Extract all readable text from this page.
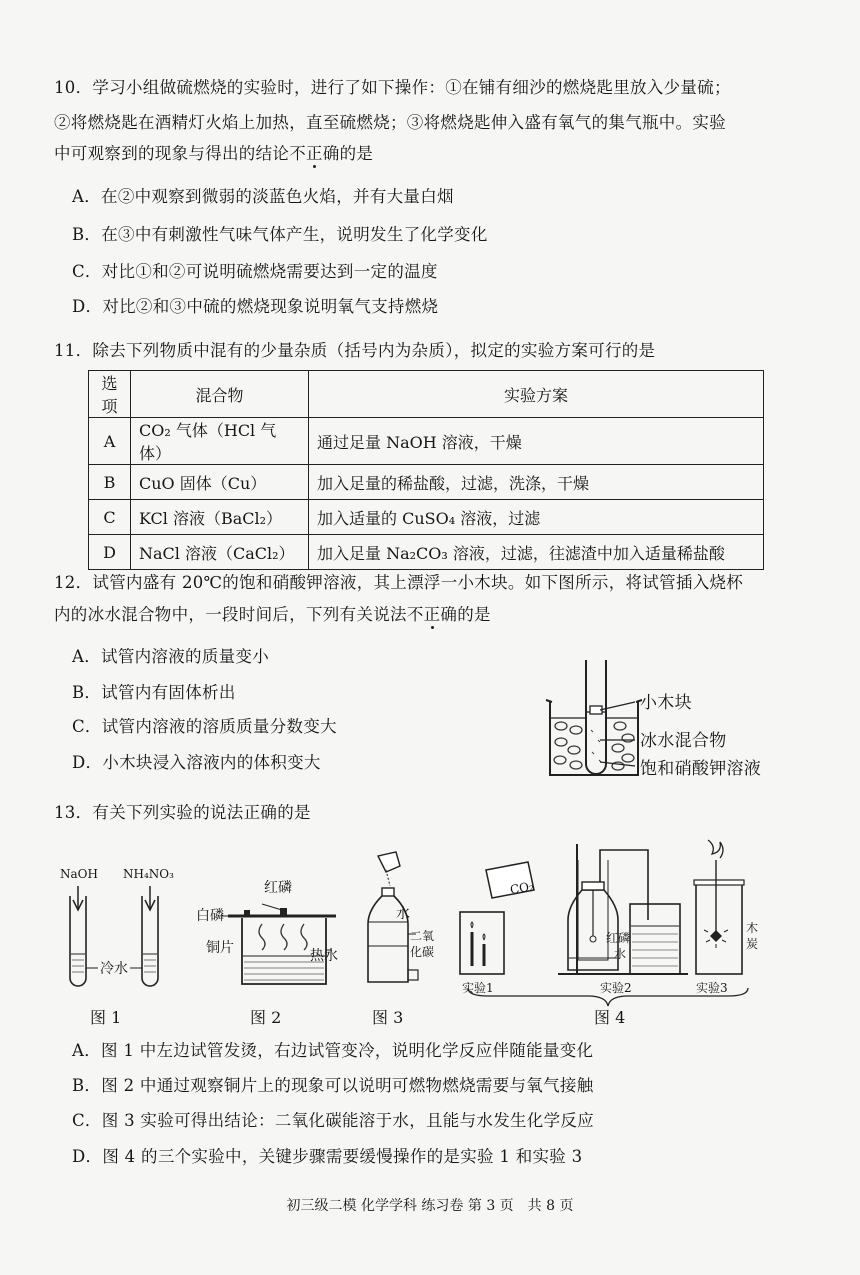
10．学习小组做硫燃烧的实验时，进行了如下操作：①在铺有细沙的燃烧匙里放入少量硫；
②将燃烧匙在酒精灯火焰上加热，直至硫燃烧；③将燃烧匙伸入盛有氧气的集气瓶中。实验
中可观察到的现象与得出的结论不正确的是
A．在②中观察到微弱的淡蓝色火焰，并有大量白烟
B．在③中有刺激性气味气体产生，说明发生了化学变化
C．对比①和②可说明硫燃烧需要达到一定的温度
D．对比②和③中硫的燃烧现象说明氧气支持燃烧
11．除去下列物质中混有的少量杂质（括号内为杂质），拟定的实验方案可行的是
选项	混合物	实验方案
A	CO₂ 气体（HCl 气体）	通过足量 NaOH 溶液，干燥
B	CuO 固体（Cu）	加入足量的稀盐酸，过滤，洗涤，干燥
C	KCl 溶液（BaCl₂）	加入适量的 CuSO₄ 溶液，过滤
D	NaCl 溶液（CaCl₂）	加入足量 Na₂CO₃ 溶液，过滤，往滤渣中加入适量稀盐酸
12．试管内盛有 20℃的饱和硝酸钾溶液，其上漂浮一小木块。如下图所示，将试管插入烧杯
内的冰水混合物中，一段时间后，下列有关说法不正确的是
A．试管内溶液的质量变小
B．试管内有固体析出
C．试管内溶液的溶质质量分数变大
D．小木块浸入溶液内的体积变大
小木块
冰水混合物
饱和硝酸钾溶液
13．有关下列实验的说法正确的是
NaOH NH₄NO₃
冷水
图 1
红磷
白磷
铜片	热水
图 2
水
二氧
化碳
图 3
CO₂
红磷
水
木
炭
实验1	实验2	实验3
图 4
A．图 1 中左边试管发烫，右边试管变冷，说明化学反应伴随能量变化
B．图 2 中通过观察铜片上的现象可以说明可燃物燃烧需要与氧气接触
C．图 3 实验可得出结论：二氧化碳能溶于水，且能与水发生化学反应
D．图 4 的三个实验中，关键步骤需要缓慢操作的是实验 1 和实验 3
初三级二模 化学学科 练习卷 第 3 页　共 8 页
